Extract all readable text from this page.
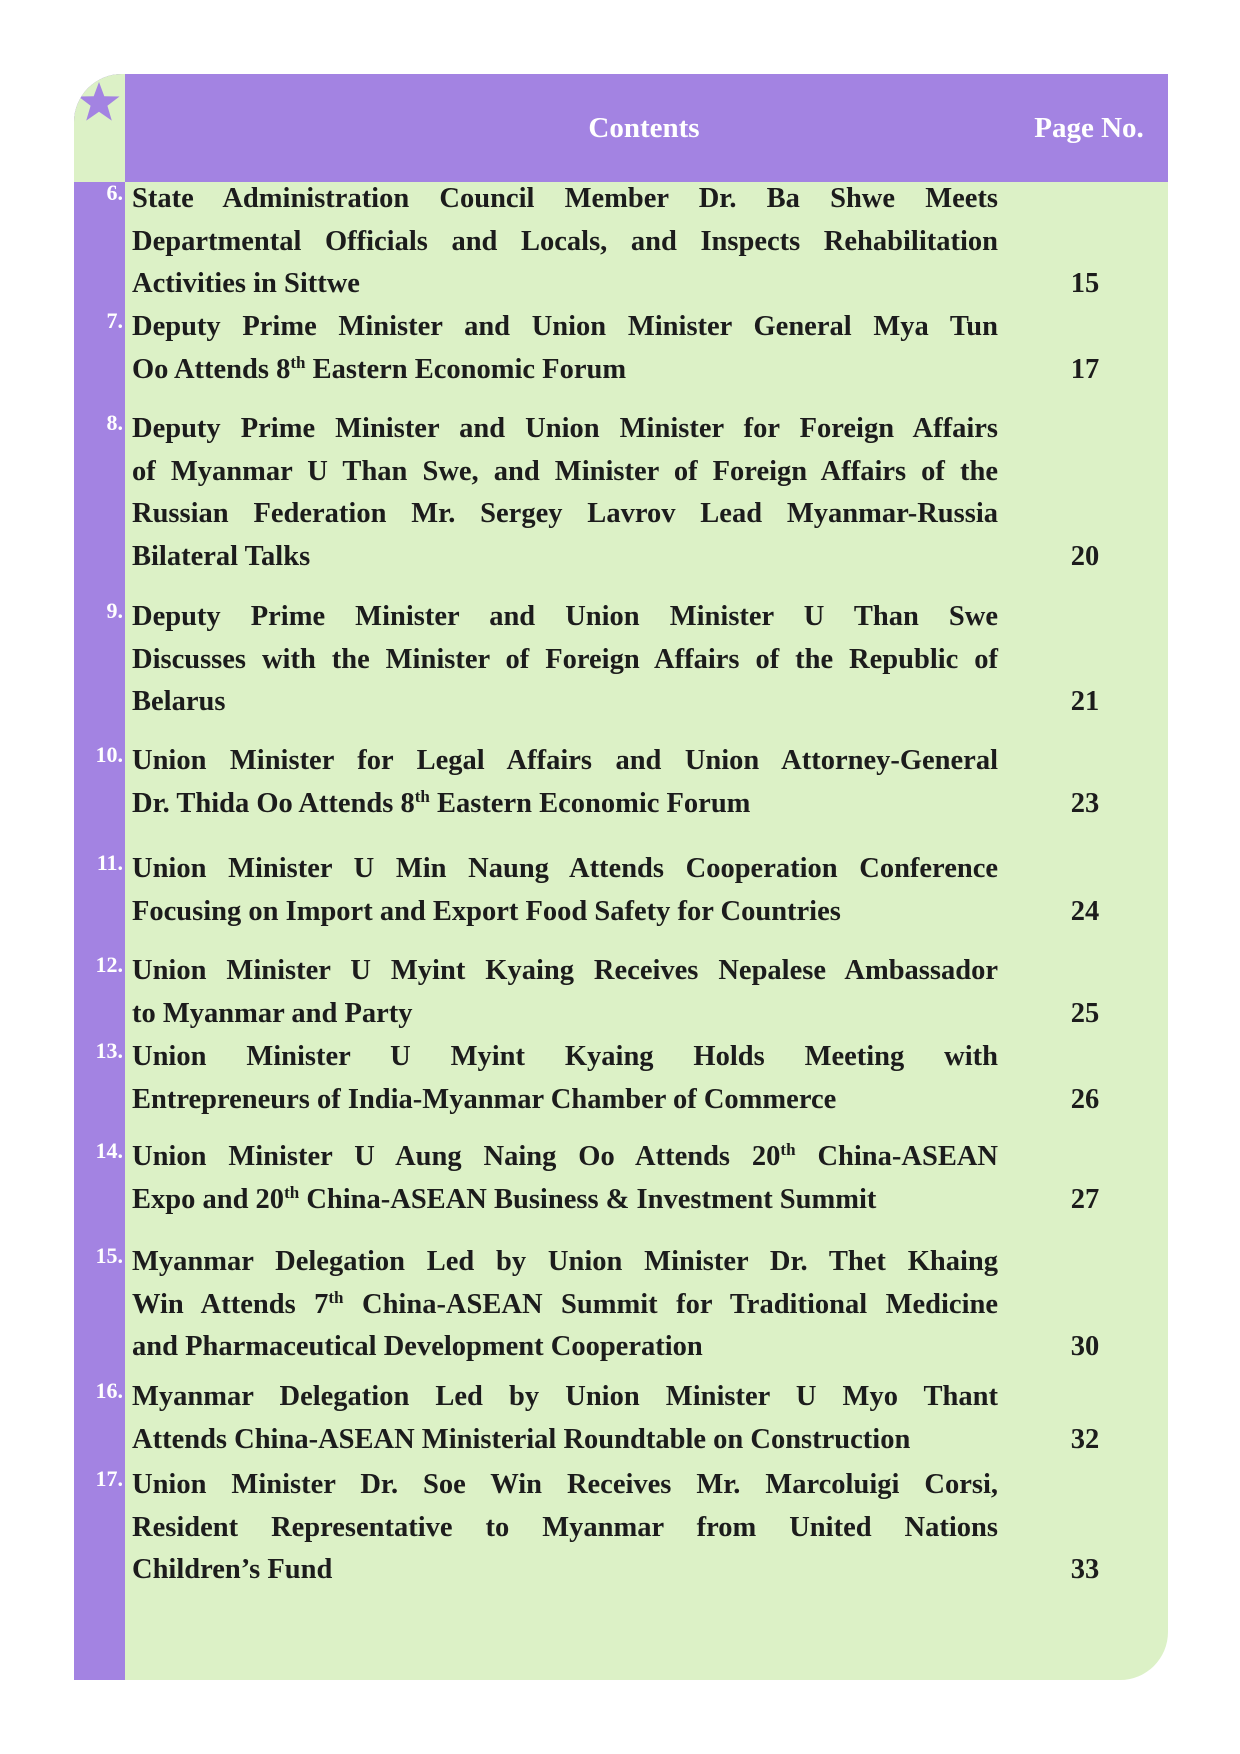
Contents	Page No.
6. State Administration Council Member Dr. Ba Shwe Meets
Departmental Officials and Locals, and Inspects Rehabilitation
Activities in Sittwe	15
7. Deputy Prime Minister and Union Minister General Mya Tun
Oo Attends 8th Eastern Economic Forum	17
8. Deputy Prime Minister and Union Minister for Foreign Affairs
of Myanmar U Than Swe, and Minister of Foreign Affairs of the
Russian Federation Mr. Sergey Lavrov Lead Myanmar-Russia
Bilateral Talks	20
9. Deputy Prime Minister and Union Minister U Than Swe
Discusses with the Minister of Foreign Affairs of the Republic of
Belarus	21
10. Union Minister for Legal Affairs and Union Attorney-General
Dr. Thida Oo Attends 8th Eastern Economic Forum	23
11. Union Minister U Min Naung Attends Cooperation Conference
Focusing on Import and Export Food Safety for Countries	24
12. Union Minister U Myint Kyaing Receives Nepalese Ambassador
to Myanmar and Party	25
13. Union Minister U Myint Kyaing Holds Meeting with
Entrepreneurs of India-Myanmar Chamber of Commerce	26
14. Union Minister U Aung Naing Oo Attends 20th China-ASEAN
Expo and 20th China-ASEAN Business & Investment Summit	27
15. Myanmar Delegation Led by Union Minister Dr. Thet Khaing
Win Attends 7th China-ASEAN Summit for Traditional Medicine
and Pharmaceutical Development Cooperation	30
16. Myanmar Delegation Led by Union Minister U Myo Thant
Attends China-ASEAN Ministerial Roundtable on Construction	32
17. Union Minister Dr. Soe Win Receives Mr. Marcoluigi Corsi,
Resident Representative to Myanmar from United Nations
Children’s Fund	33
